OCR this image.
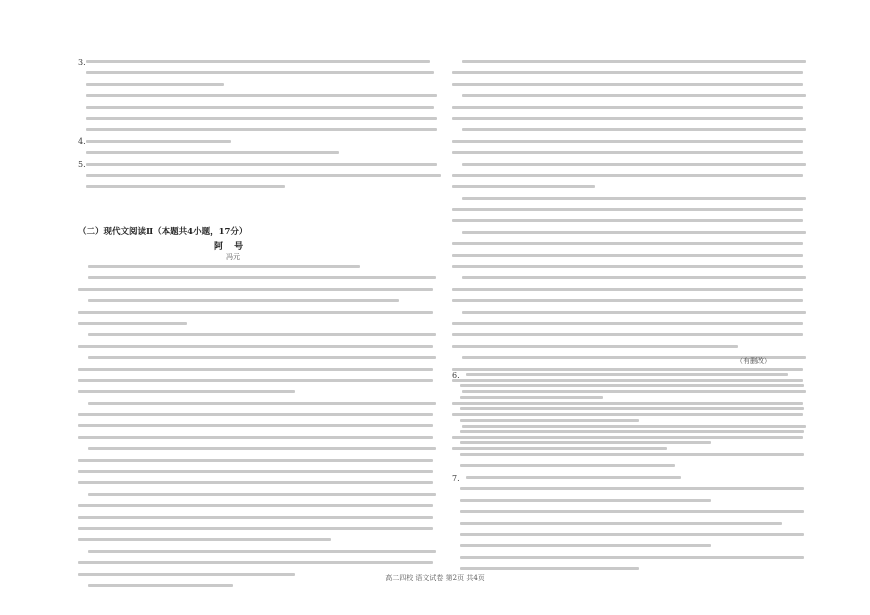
3.
4.
5.
（二）现代文阅读Ⅱ（本题共4小题，17分）
阿 号
冯元
（有删改）
6.
7.
高二四校 语文试卷 第2页 共4页
